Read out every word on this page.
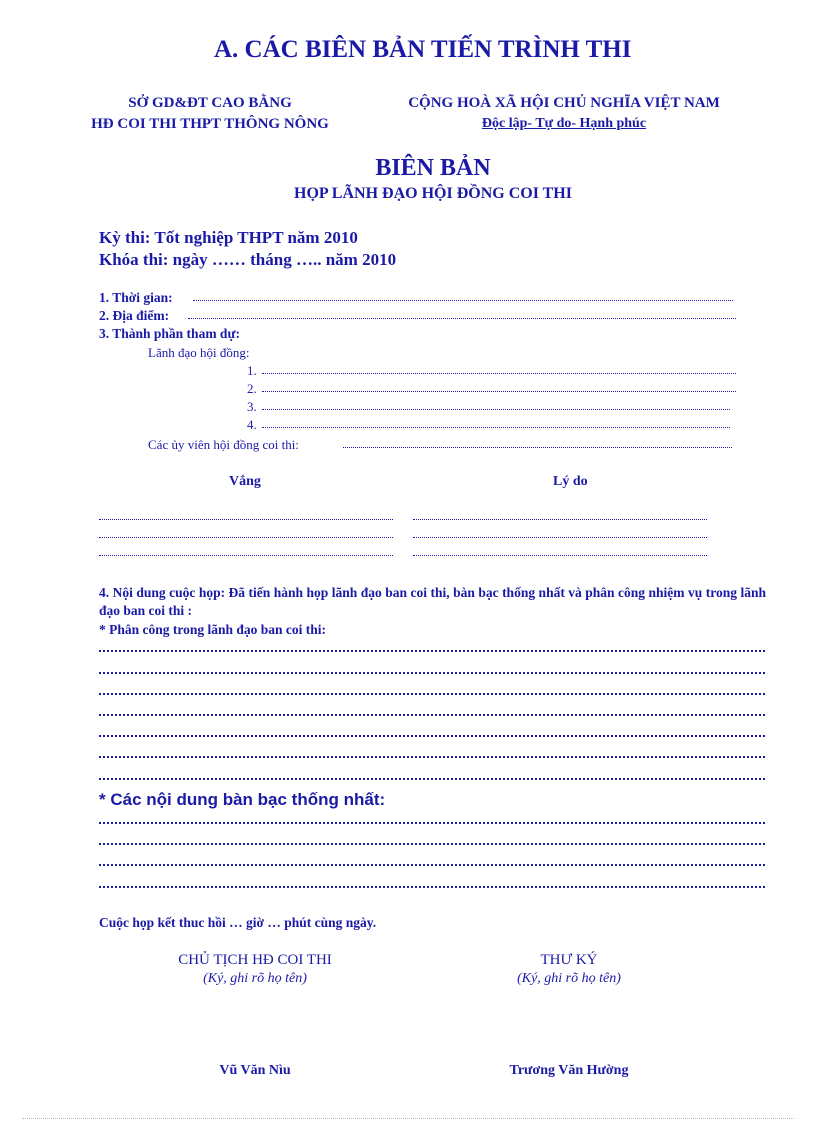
A. CÁC BIÊN BẢN TIẾN TRÌNH THI
SỞ GD&ĐT CAO BẰNG
HĐ COI THI THPT THÔNG NÔNG
CỘNG HOÀ XÃ HỘI CHỦ NGHĨA VIỆT NAM
Độc lập- Tự do- Hạnh phúc
BIÊN BẢN
HỌP LÃNH ĐẠO HỘI ĐỒNG COI THI
Kỳ thi: Tốt nghiệp THPT năm 2010
Khóa thi: ngày …… tháng ….. năm 2010
1. Thời gian:
2. Địa điểm:
3. Thành phần tham dự:
Lãnh đạo hội đồng:
1.
2.
3.
4.
Các ủy viên hội đồng coi thi:
Vắng	Lý do
4. Nội dung cuộc họp: Đã tiến hành họp lãnh đạo ban coi thi, bàn bạc thống nhất và phân công nhiệm vụ trong lãnh đạo ban coi thi :
* Phân công trong lãnh đạo ban coi thi:
* Các nội dung bàn bạc thống nhất:
Cuộc họp kết thuc hồi … giờ … phút cùng ngày.
CHỦ TỊCH HĐ COI THI
(Ký, ghi rõ họ tên)
Vũ Văn Nìu
THƯ KÝ
(Ký, ghi rõ họ tên)
Trương Văn Hường
